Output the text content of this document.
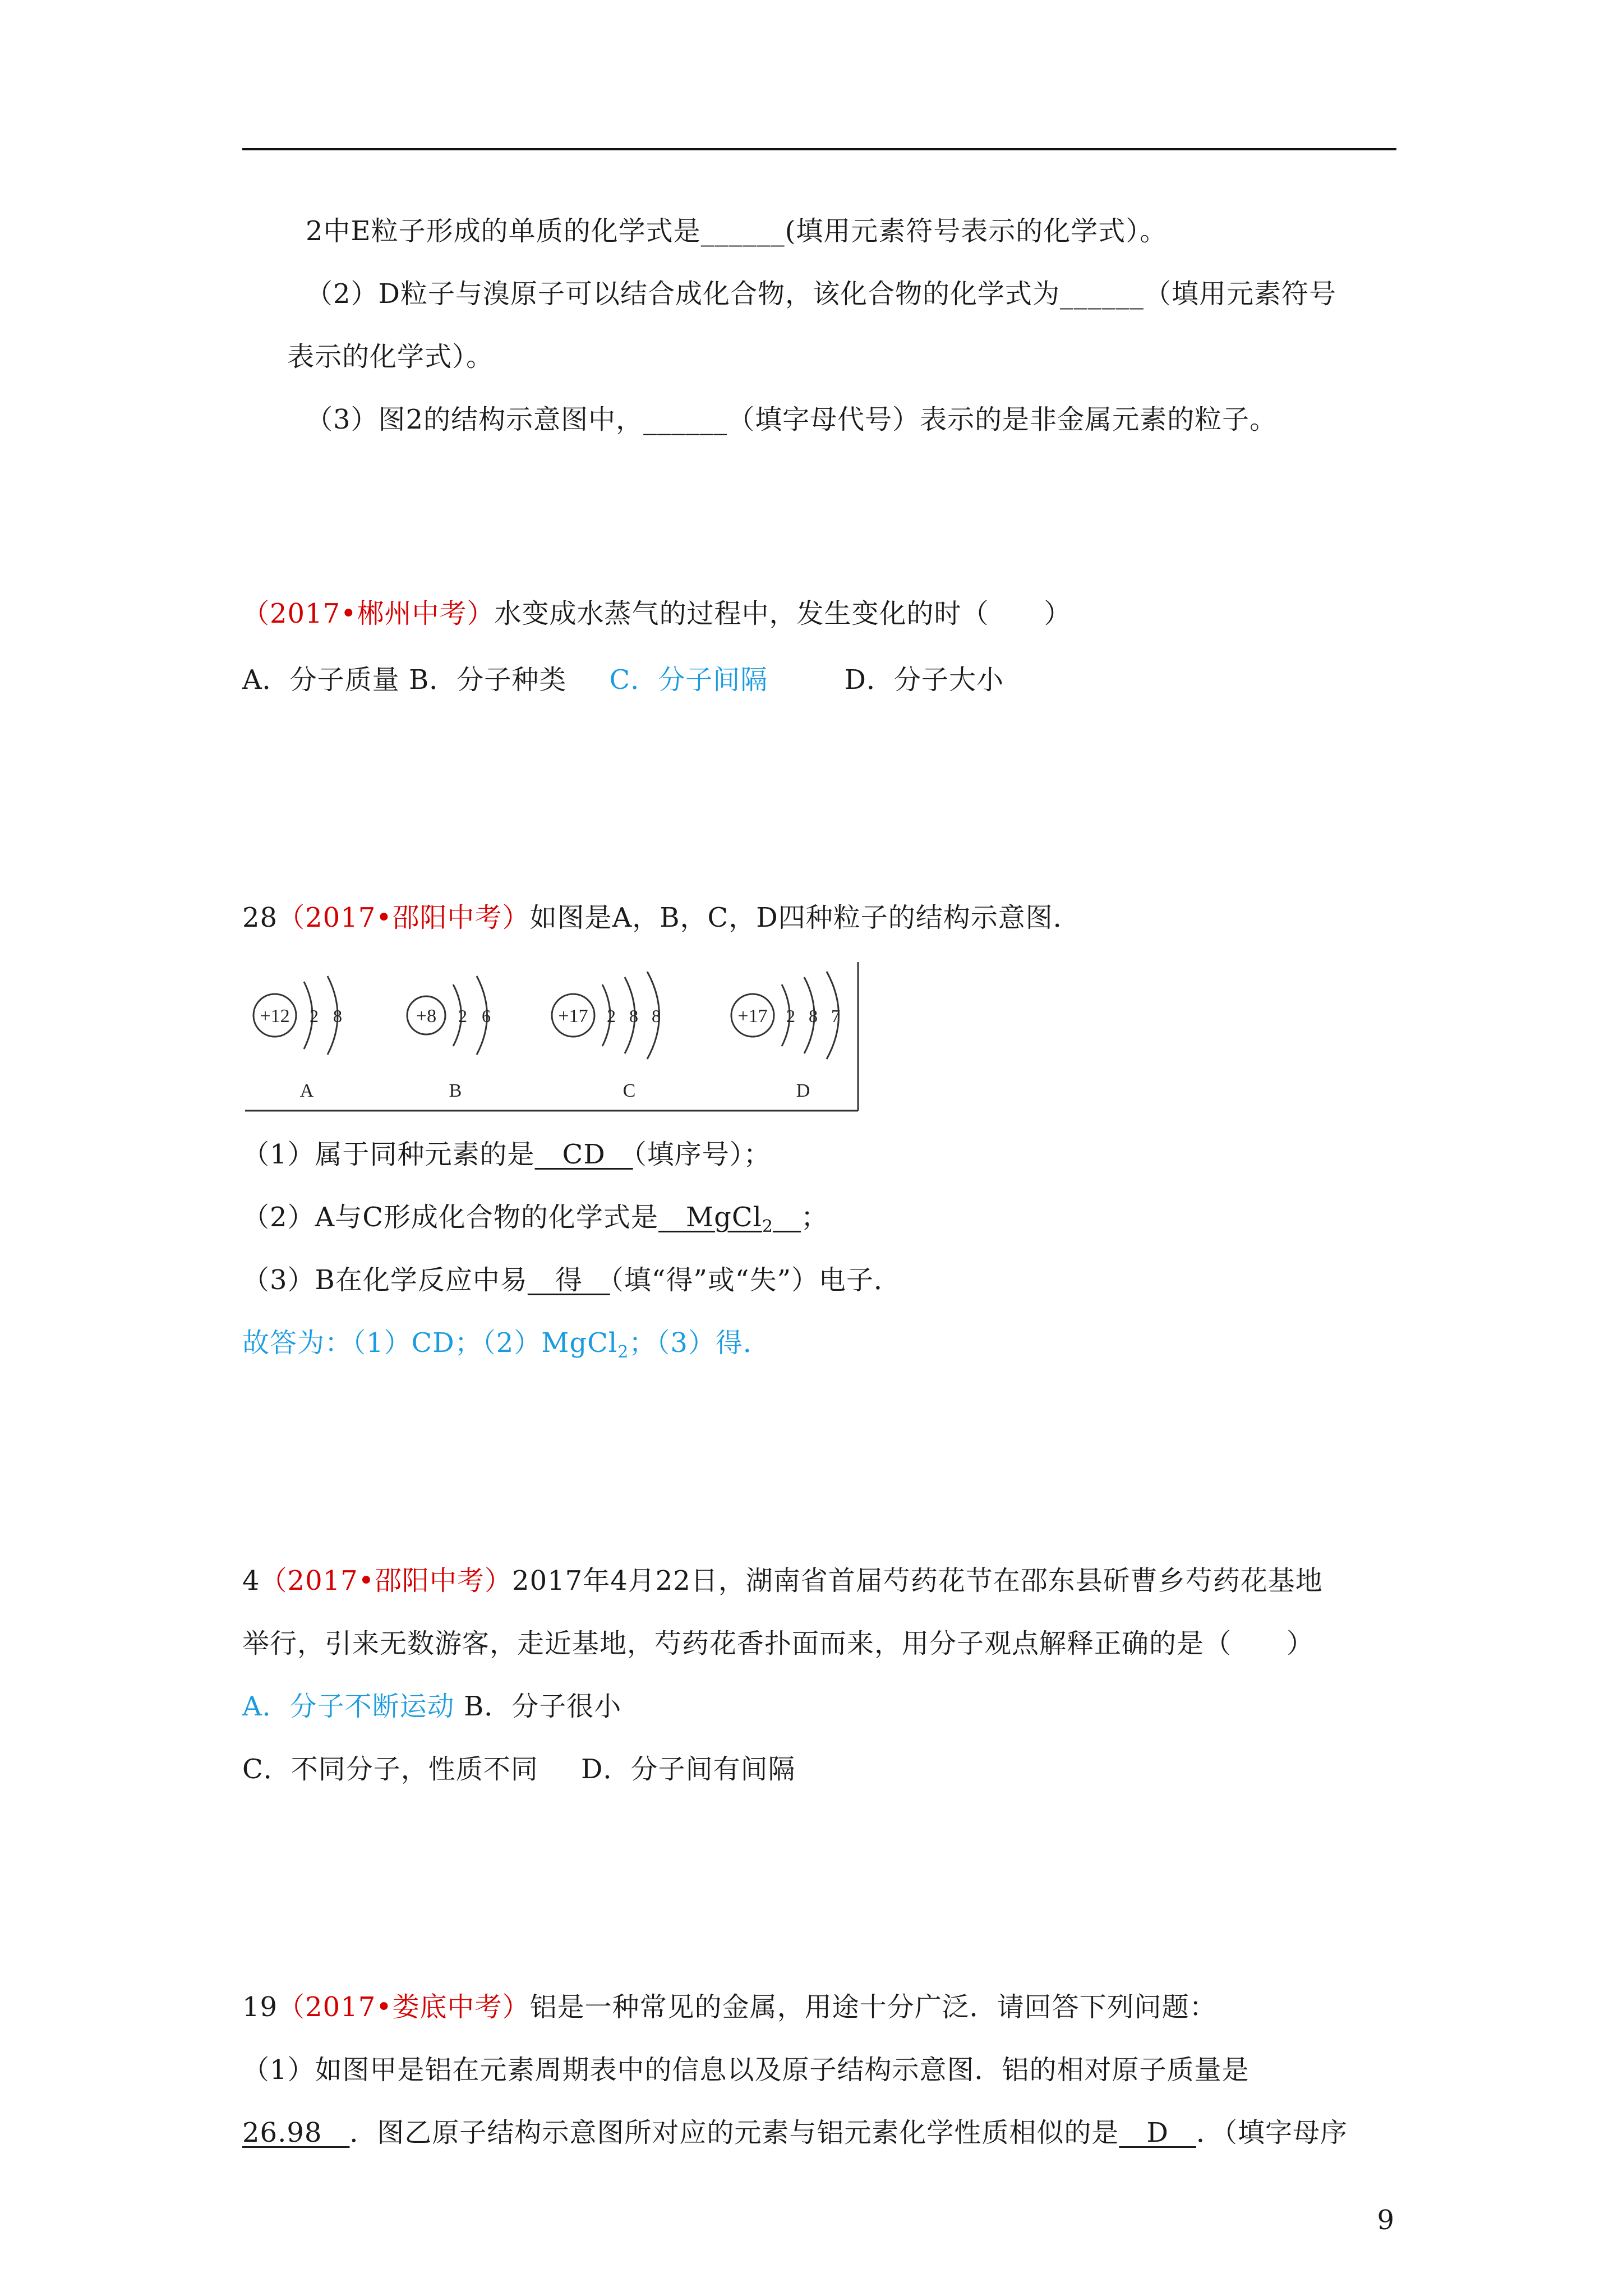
2中E粒子形成的单质的化学式是______(填用元素符号表示的化学式）。
（2）D粒子与溴原子可以结合成化合物，该化合物的化学式为______（填用元素符号
表示的化学式）。
（3）图2的结构示意图中，______（填字母代号）表示的是非金属元素的粒子。
（2017•郴州中考）水变成水蒸气的过程中，发生变化的时（　　）
A．分子质量 B．分子种类 C．分子间隔	D．分子大小
28（2017•邵阳中考）如图是A，B，C，D四种粒子的结构示意图．
+12 2 8
A
+8 2 6
B
+17 2 8 8
C
+17 2 8 7
D
（1）属于同种元素的是　CD　（填序号）；
（2）A与C形成化合物的化学式是　MgCl$_2$　 ；
（3）B在化学反应中易　得　（填“得”或“失”）电子．
故答为：（1）CD；（2）MgCl$_2$；（3）得．
4（2017•邵阳中考）2017年4月22日，湖南省首届芍药花节在邵东县斫曹乡芍药花基地
举行，引来无数游客，走近基地，芍药花香扑面而来，用分子观点解释正确的是（　　）
A．分子不断运动 B．分子很小
C．不同分子，性质不同 D．分子间有间隔
19（2017•娄底中考）铝是一种常见的金属，用途十分广泛．请回答下列问题：
（1）如图甲是铝在元素周期表中的信息以及原子结构示意图．铝的相对原子质量是
26.98　．图乙原子结构示意图所对应的元素与铝元素化学性质相似的是　D　．（填字母序
9
